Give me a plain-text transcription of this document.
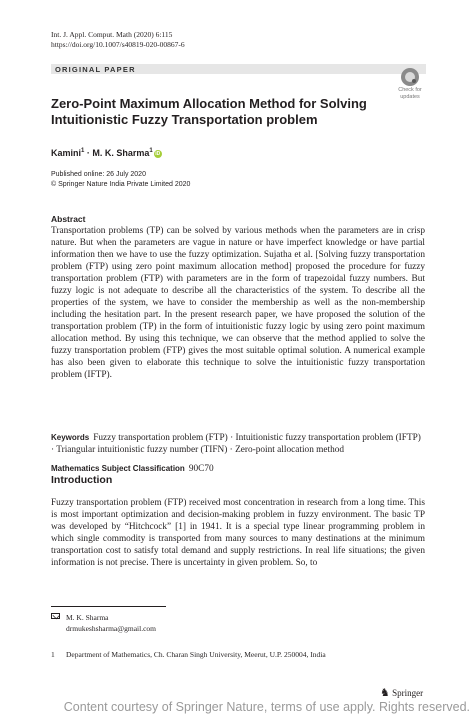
Int. J. Appl. Comput. Math (2020) 6:115
https://doi.org/10.1007/s40819-020-00867-6
ORIGINAL PAPER
Check for
updates
Zero-Point Maximum Allocation Method for Solving Intuitionistic Fuzzy Transportation problem
Kamini$^1$ · M. K. Sharma$^1$ iD
Published online: 26 July 2020
© Springer Nature India Private Limited 2020
Abstract
Transportation problems (TP) can be solved by various methods when the parameters are in crisp nature. But when the parameters are vague in nature or have imperfect knowledge or have partial information then we have to use the fuzzy optimization. Sujatha et al. [Solving fuzzy transportation problem (FTP) using zero point maximum allocation method] proposed the procedure for fuzzy transportation problem (FTP) with parameters are in the form of trapezoidal fuzzy numbers. But fuzzy logic is not adequate to describe all the characteristics of the system. To describe all the properties of the system, we have to consider the membership as well as the non-membership including the hesitation part. In the present research paper, we have proposed the solution of the transportation problem (TP) in the form of intuitionistic fuzzy logic by using zero point maximum allocation method. By using this technique, we can observe that the method applied to solve the fuzzy transportation problem (FTP) gives the most suitable optimal solution. A numerical example has also been given to elaborate this technique to solve the intuitionistic fuzzy transportation problem (IFTP).
Keywords Fuzzy transportation problem (FTP) · Intuitionistic fuzzy transportation problem (IFTP) · Triangular intuitionistic fuzzy number (TIFN) · Zero-point allocation method
Mathematics Subject Classification 90C70
Introduction
Fuzzy transportation problem (FTP) received most concentration in research from a long time. This is most important optimization and decision-making problem in fuzzy environment. The basic TP was developed by “Hitchcock” [1] in 1941. It is a special type linear programming problem in which single commodity is transported from many sources to many destinations at the minimum transportation cost to satisfy total demand and supply restrictions. In real life situations; the given information is not precise. There is uncertainty in given problem. So, to
M. K. Sharma
drmukeshsharma@gmail.com
1 Department of Mathematics, Ch. Charan Singh University, Meerut, U.P. 250004, India
♞ Springer
Content courtesy of Springer Nature, terms of use apply. Rights reserved.
